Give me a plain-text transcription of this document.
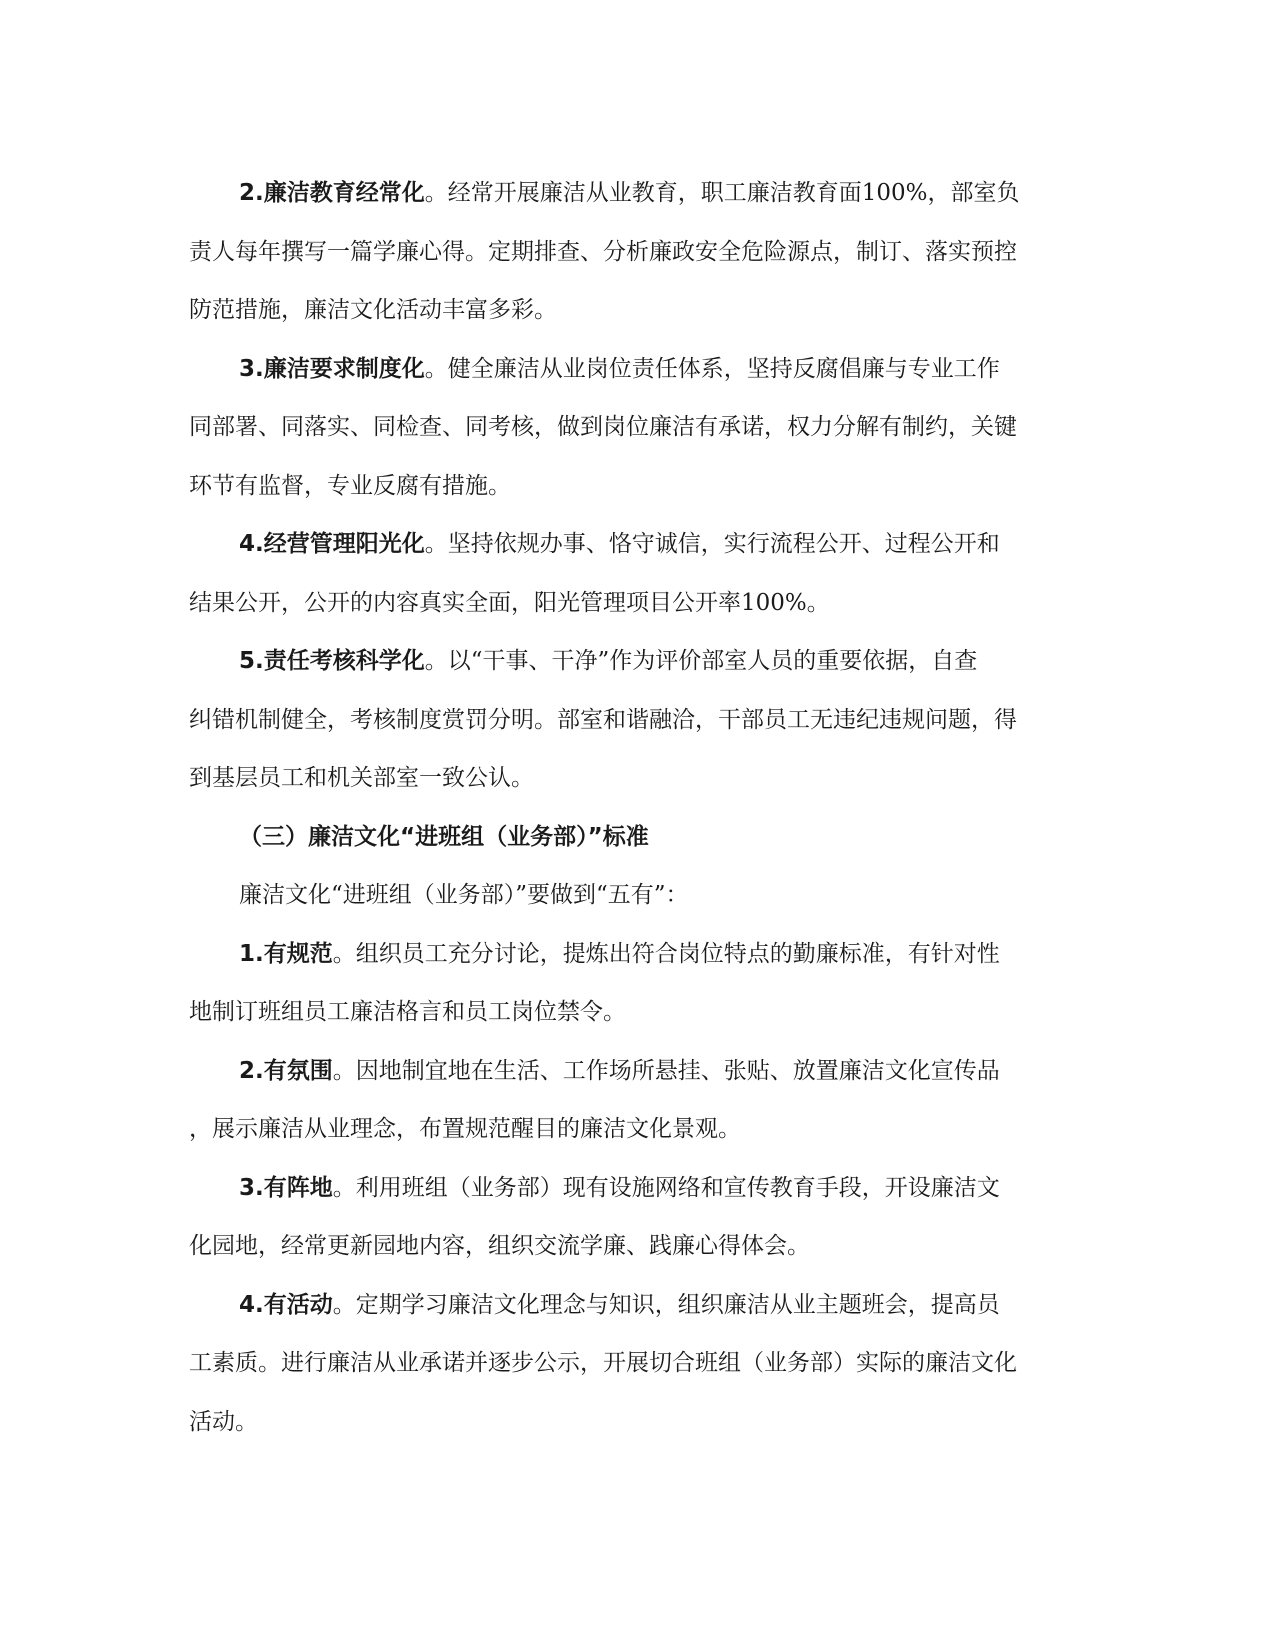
2.廉洁教育经常化。经常开展廉洁从业教育，职工廉洁教育面100%，部室负
责人每年撰写一篇学廉心得。定期排查、分析廉政安全危险源点，制订、落实预控
防范措施，廉洁文化活动丰富多彩。

3.廉洁要求制度化。健全廉洁从业岗位责任体系，坚持反腐倡廉与专业工作
同部署、同落实、同检查、同考核，做到岗位廉洁有承诺，权力分解有制约，关键
环节有监督，专业反腐有措施。

4.经营管理阳光化。坚持依规办事、恪守诚信，实行流程公开、过程公开和
结果公开，公开的内容真实全面，阳光管理项目公开率100%。

5.责任考核科学化。以“干事、干净”作为评价部室人员的重要依据，自查
纠错机制健全，考核制度赏罚分明。部室和谐融洽，干部员工无违纪违规问题，得
到基层员工和机关部室一致公认。

（三）廉洁文化“进班组（业务部）”标准

廉洁文化“进班组（业务部）”要做到“五有”：

1.有规范。组织员工充分讨论，提炼出符合岗位特点的勤廉标准，有针对性
地制订班组员工廉洁格言和员工岗位禁令。

2.有氛围。因地制宜地在生活、工作场所悬挂、张贴、放置廉洁文化宣传品
，展示廉洁从业理念，布置规范醒目的廉洁文化景观。

3.有阵地。利用班组（业务部）现有设施网络和宣传教育手段，开设廉洁文
化园地，经常更新园地内容，组织交流学廉、践廉心得体会。

4.有活动。定期学习廉洁文化理念与知识，组织廉洁从业主题班会，提高员
工素质。进行廉洁从业承诺并逐步公示，开展切合班组（业务部）实际的廉洁文化
活动。
